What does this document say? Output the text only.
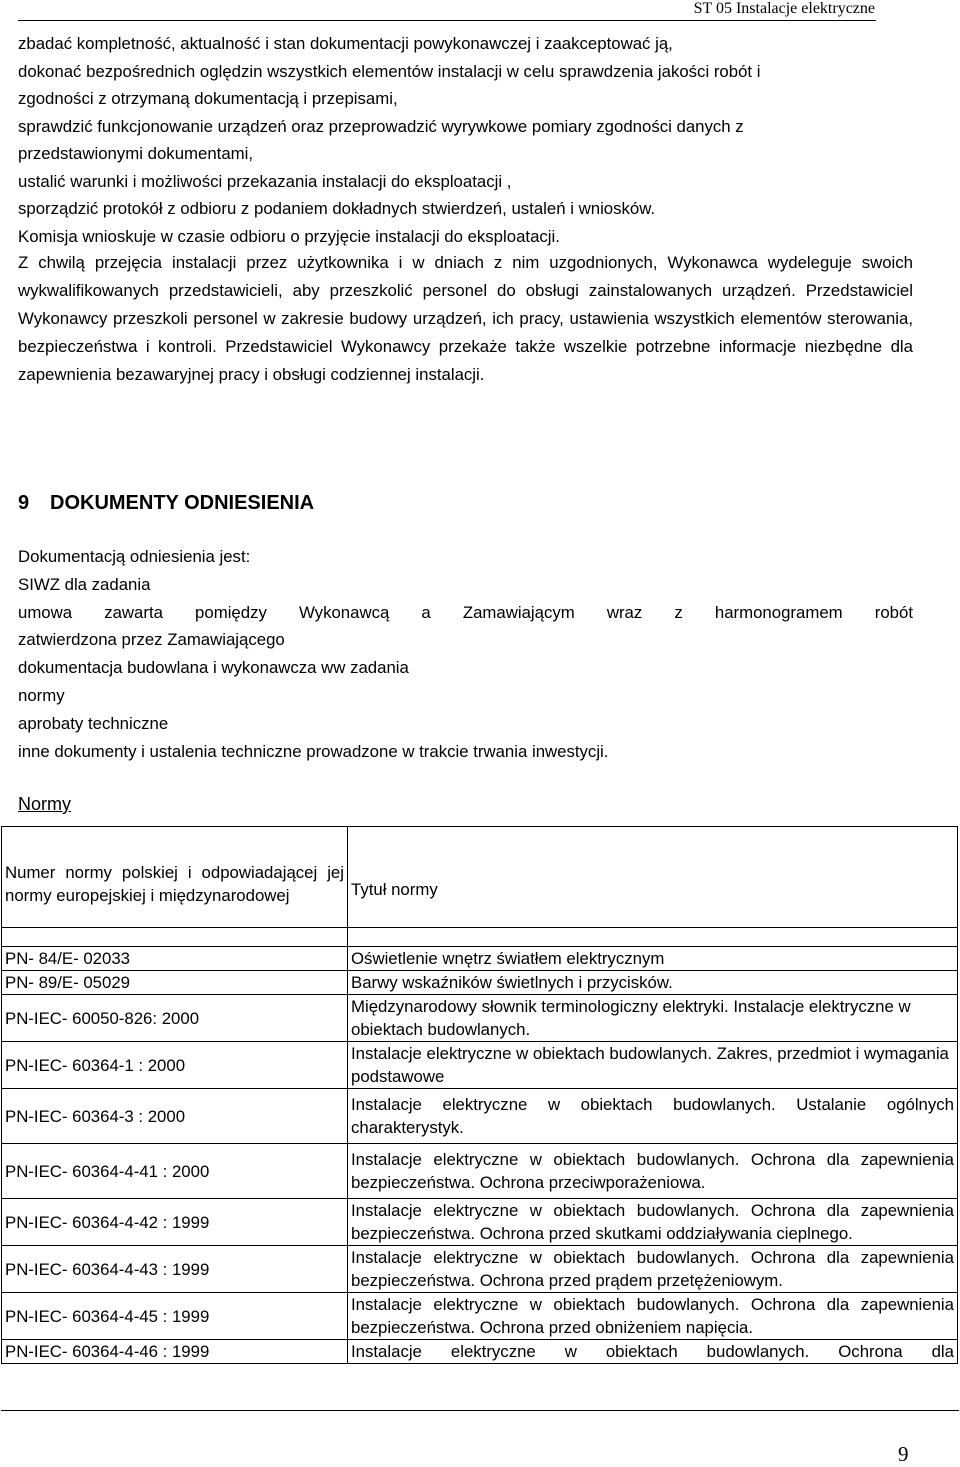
ST 05 Instalacje elektryczne
zbadać kompletność, aktualność i stan dokumentacji powykonawczej i zaakceptować ją,
dokonać bezpośrednich oględzin wszystkich elementów instalacji w celu sprawdzenia jakości robót i
zgodności z otrzymaną dokumentacją i przepisami,
sprawdzić funkcjonowanie urządzeń oraz przeprowadzić wyrywkowe pomiary zgodności danych z
przedstawionymi dokumentami,
ustalić warunki i możliwości przekazania instalacji do eksploatacji ,
sporządzić protokół z odbioru z podaniem dokładnych stwierdzeń, ustaleń i wniosków.
Komisja wnioskuje w czasie odbioru o przyjęcie instalacji do eksploatacji.
Z chwilą przejęcia instalacji przez użytkownika i w dniach z nim uzgodnionych, Wykonawca wydeleguje swoich wykwalifikowanych przedstawicieli, aby przeszkolić personel do obsługi zainstalowanych urządzeń. Przedstawiciel Wykonawcy przeszkoli personel w zakresie budowy urządzeń, ich pracy, ustawienia wszystkich elementów sterowania, bezpieczeństwa i kontroli. Przedstawiciel Wykonawcy przekaże także wszelkie potrzebne informacje niezbędne dla zapewnienia bezawaryjnej pracy i obsługi codziennej instalacji.
9 DOKUMENTY ODNIESIENIA
Dokumentacją odniesienia jest:
SIWZ dla zadania
umowa zawarta pomiędzy Wykonawcą a Zamawiającym wraz z harmonogramem robót
zatwierdzona przez Zamawiającego
dokumentacja budowlana i wykonawcza ww zadania
normy
aprobaty techniczne
inne dokumenty i ustalenia techniczne prowadzone w trakcie trwania inwestycji.
Normy
Numer normy polskiej i odpowiadającej jej normy europejskiej i międzynarodowej	Tytuł normy

PN- 84/E- 02033	Oświetlenie wnętrz światłem elektrycznym
PN- 89/E- 05029	Barwy wskaźników świetlnych i przycisków.
PN-IEC- 60050-826: 2000	Międzynarodowy słownik terminologiczny elektryki. Instalacje elektryczne w obiektach budowlanych.
PN-IEC- 60364-1 : 2000	Instalacje elektryczne w obiektach budowlanych. Zakres, przedmiot i wymagania podstawowe
PN-IEC- 60364-3 : 2000	Instalacje elektryczne w obiektach budowlanych. Ustalanie ogólnych charakterystyk.
PN-IEC- 60364-4-41 : 2000	Instalacje elektryczne w obiektach budowlanych. Ochrona dla zapewnienia bezpieczeństwa. Ochrona przeciwporażeniowa.
PN-IEC- 60364-4-42 : 1999	Instalacje elektryczne w obiektach budowlanych. Ochrona dla zapewnienia bezpieczeństwa. Ochrona przed skutkami oddziaływania cieplnego.
PN-IEC- 60364-4-43 : 1999	Instalacje elektryczne w obiektach budowlanych. Ochrona dla zapewnienia bezpieczeństwa. Ochrona przed prądem przetężeniowym.
PN-IEC- 60364-4-45 : 1999	Instalacje elektryczne w obiektach budowlanych. Ochrona dla zapewnienia bezpieczeństwa. Ochrona przed obniżeniem napięcia.
PN-IEC- 60364-4-46 : 1999	Instalacje elektryczne w obiektach budowlanych. Ochrona dla
9
